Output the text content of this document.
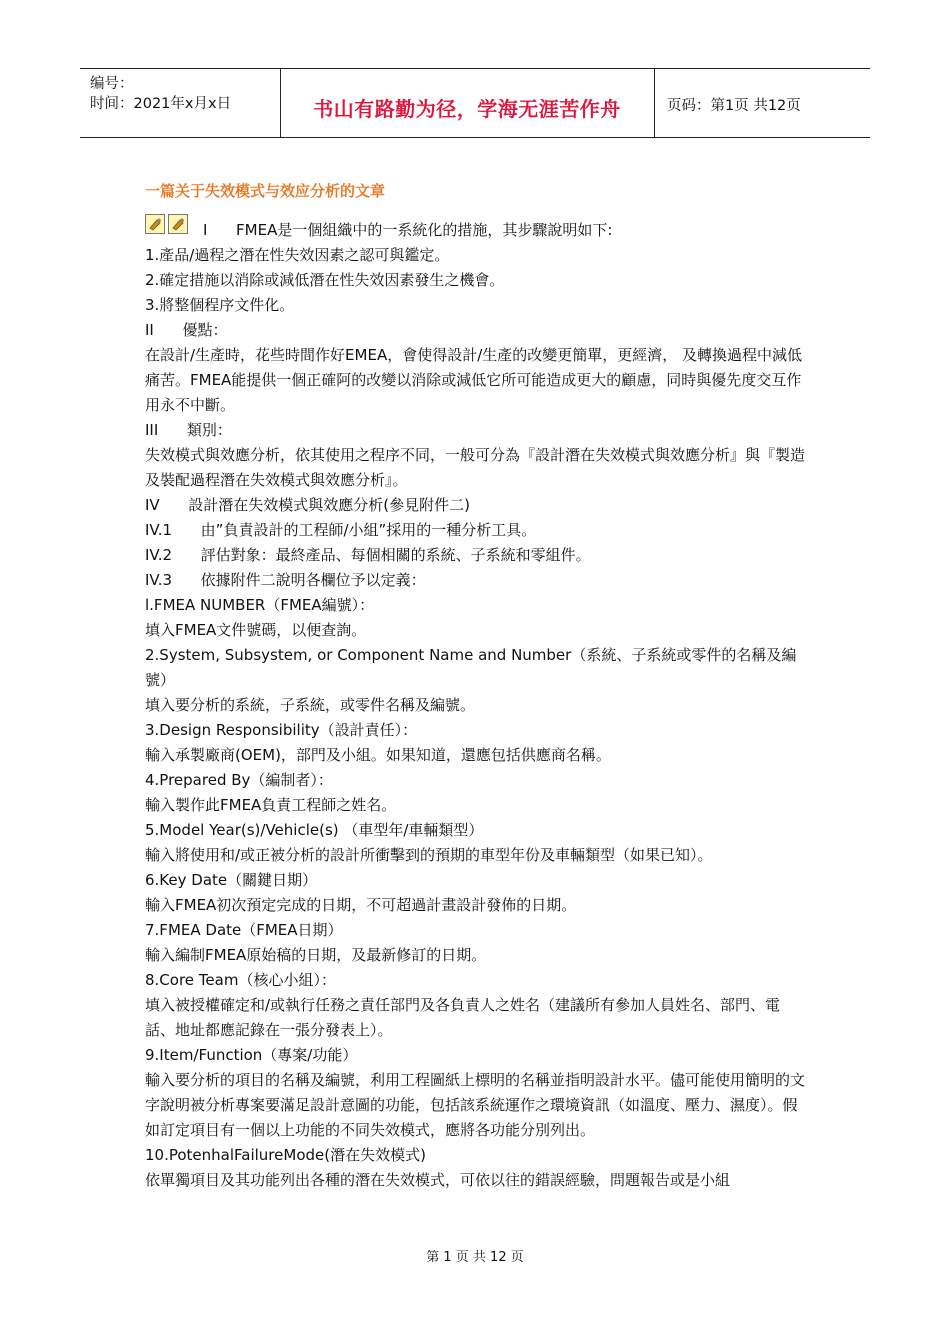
编号：
时间：2021年x月x日	书山有路勤为径，学海无涯苦作舟	页码：第1页 共12页
一篇关于失效模式与效应分析的文章

I      FMEA是一個組織中的一系統化的措施，其步驟說明如下:

1.產品/過程之潛在性失效因素之認可與鑑定。

2.確定措施以消除或減低潛在性失效因素發生之機會。

3.將整個程序文件化。

II      優點：

在設計/生產時，花些時間作好EMEA，會使得設計/生產的改變更簡單，更經濟， 及轉換過程中減低痛苦。FMEA能提供一個正確阿的改變以消除或減低它所可能造成更大的顧慮，同時與優先度交互作用永不中斷。

III      類別：

失效模式與效應分析，依其使用之程序不同，一般可分為『設計潛在失效模式與效應分析』與『製造及裝配過程潛在失效模式與效應分析』。

IV      設計潛在失效模式與效應分析(參見附件二)

IV.1      由”負責設計的工程師/小組”採用的一種分析工具。

IV.2      評估對象：最終產品、每個相關的系統、子系統和零組件。

IV.3      依據附件二說明各欄位予以定義：

l.FMEA NUMBER（FMEA編號）：

填入FMEA文件號碼，以便查詢。

2.System, Subsystem, or Component Name and Number（系統、子系統或零件的名稱及編號）

填入要分析的系統，子系統，或零件名稱及編號。

3.Design Responsibility（設計責任）：

輸入承製廠商(OEM)，部門及小組。如果知道，還應包括供應商名稱。

4.Prepared By（編制者）：

輸入製作此FMEA負責工程師之姓名。

5.Model Year(s)/Vehicle(s) （車型年/車輛類型）

輸入將使用和/或正被分析的設計所衝擊到的預期的車型年份及車輛類型（如果已知）。

6.Key Date（關鍵日期）

輸入FMEA初次預定完成的日期，不可超過計畫設計發佈的日期。

7.FMEA Date（FMEA日期）

輸入編制FMEA原始稿的日期，及最新修訂的日期。

8.Core Team（核心小組）：

填入被授權確定和/或執行任務之責任部門及各負責人之姓名（建議所有參加人員姓名、部門、電話、地址都應記錄在一張分發表上）。

9.Item/Function（專案/功能）

輸入要分析的項目的名稱及編號，利用工程圖紙上標明的名稱並指明設計水平。儘可能使用簡明的文字說明被分析專案要滿足設計意圖的功能，包括該系統運作之環境資訊（如溫度、壓力、濕度）。假如訂定項目有一個以上功能的不同失效模式，應將各功能分別列出。

10.PotenhalFailureMode(潛在失效模式)

依單獨項目及其功能列出各種的潛在失效模式，可依以往的錯誤經驗，問題報告或是小組

第 1 页 共 12 页
